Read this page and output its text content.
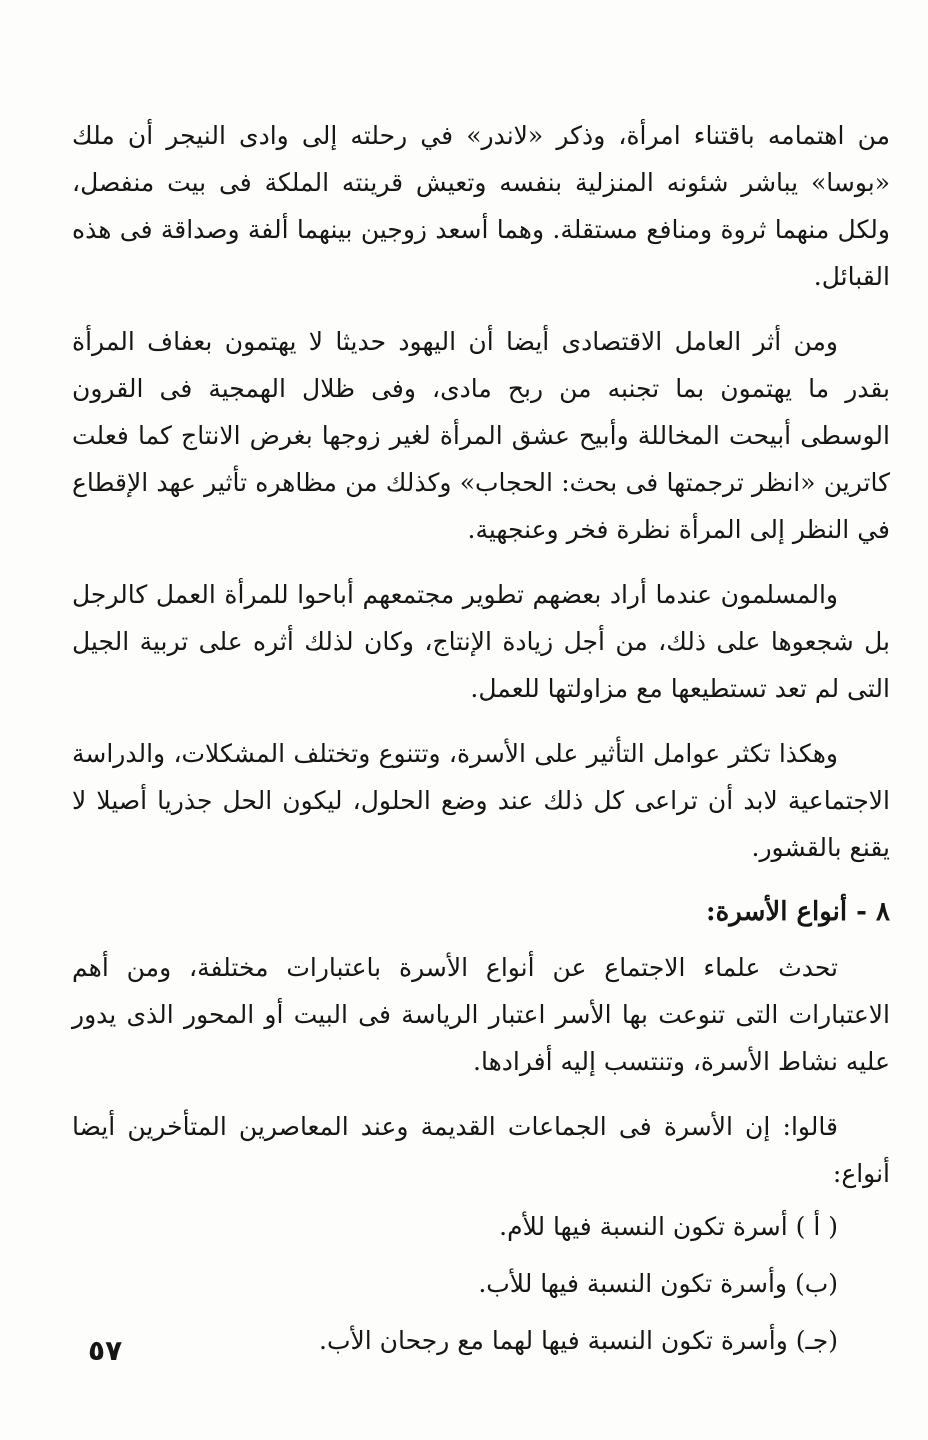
من اهتمامه باقتناء امرأة، وذكر «لاندر» في رحلته إلى وادى النيجر أن ملك «بوسا» يباشر شئونه المنزلية بنفسه وتعيش قرينته الملكة فى بيت منفصل، ولكل منهما ثروة ومنافع مستقلة. وهما أسعد زوجين بينهما ألفة وصداقة فى هذه القبائل.

ومن أثر العامل الاقتصادى أيضا أن اليهود حديثا لا يهتمون بعفاف المرأة بقدر ما يهتمون بما تجنبه من ربح مادى، وفى ظلال الهمجية فى القرون الوسطى أبيحت المخاللة وأبيح عشق المرأة لغير زوجها بغرض الانتاج كما فعلت كاترين «انظر ترجمتها فى بحث: الحجاب» وكذلك من مظاهره تأثير عهد الإقطاع في النظر إلى المرأة نظرة فخر وعنجهية.

والمسلمون عندما أراد بعضهم تطوير مجتمعهم أباحوا للمرأة العمل كالرجل بل شجعوها على ذلك، من أجل زيادة الإنتاج، وكان لذلك أثره على تربية الجيل التى لم تعد تستطيعها مع مزاولتها للعمل.

وهكذا تكثر عوامل التأثير على الأسرة، وتتنوع وتختلف المشكلات، والدراسة الاجتماعية لابد أن تراعى كل ذلك عند وضع الحلول، ليكون الحل جذريا أصيلا لا يقنع بالقشور.

٨ - أنواع الأسرة:

تحدث علماء الاجتماع عن أنواع الأسرة باعتبارات مختلفة، ومن أهم الاعتبارات التى تنوعت بها الأسر اعتبار الرياسة فى البيت أو المحور الذى يدور عليه نشاط الأسرة، وتنتسب إليه أفرادها.

قالوا: إن الأسرة فى الجماعات القديمة وعند المعاصرين المتأخرين أيضا أنواع:

( أ ) أسرة تكون النسبة فيها للأم.
(ب) وأسرة تكون النسبة فيها للأب.
(جـ) وأسرة تكون النسبة فيها لهما مع رجحان الأب.
٥٧
